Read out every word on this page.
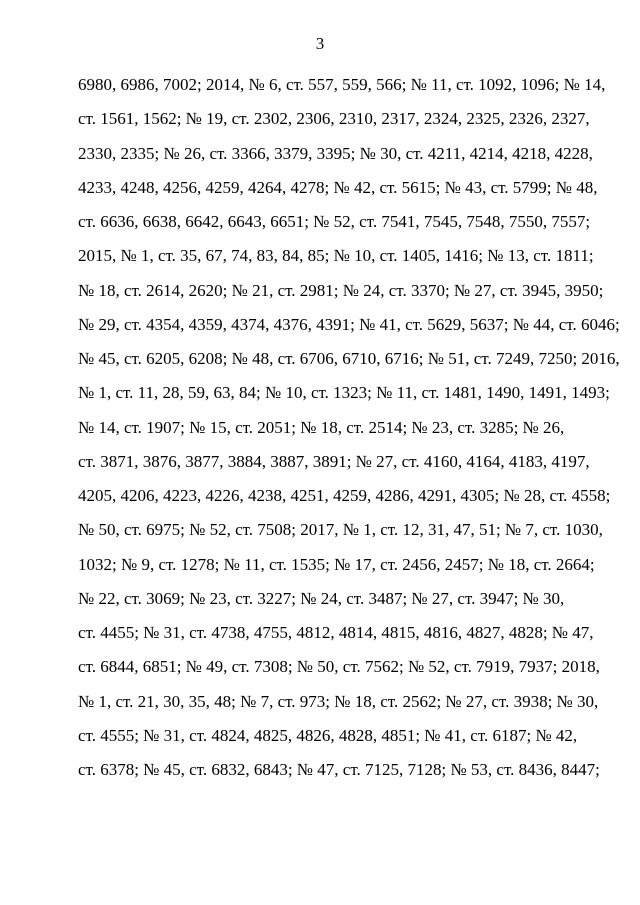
3
6980, 6986, 7002; 2014, № 6, ст. 557, 559, 566; № 11, ст. 1092, 1096; № 14,
ст. 1561, 1562; № 19, ст. 2302, 2306, 2310, 2317, 2324, 2325, 2326, 2327,
2330, 2335; № 26, ст. 3366, 3379, 3395; № 30, ст. 4211, 4214, 4218, 4228,
4233, 4248, 4256, 4259, 4264, 4278; № 42, ст. 5615; № 43, ст. 5799; № 48,
ст. 6636, 6638, 6642, 6643, 6651; № 52, ст. 7541, 7545, 7548, 7550, 7557;
2015, № 1, ст. 35, 67, 74, 83, 84, 85; № 10, ст. 1405, 1416; № 13, ст. 1811;
№ 18, ст. 2614, 2620; № 21, ст. 2981; № 24, ст. 3370; № 27, ст. 3945, 3950;
№ 29, ст. 4354, 4359, 4374, 4376, 4391; № 41, ст. 5629, 5637; № 44, ст. 6046;
№ 45, ст. 6205, 6208; № 48, ст. 6706, 6710, 6716; № 51, ст. 7249, 7250; 2016,
№ 1, ст. 11, 28, 59, 63, 84; № 10, ст. 1323; № 11, ст. 1481, 1490, 1491, 1493;
№ 14, ст. 1907; № 15, ст. 2051; № 18, ст. 2514; № 23, ст. 3285; № 26,
ст. 3871, 3876, 3877, 3884, 3887, 3891; № 27, ст. 4160, 4164, 4183, 4197,
4205, 4206, 4223, 4226, 4238, 4251, 4259, 4286, 4291, 4305; № 28, ст. 4558;
№ 50, ст. 6975; № 52, ст. 7508; 2017, № 1, ст. 12, 31, 47, 51; № 7, ст. 1030,
1032; № 9, ст. 1278; № 11, ст. 1535; № 17, ст. 2456, 2457; № 18, ст. 2664;
№ 22, ст. 3069; № 23, ст. 3227; № 24, ст. 3487; № 27, ст. 3947; № 30,
ст. 4455; № 31, ст. 4738, 4755, 4812, 4814, 4815, 4816, 4827, 4828; № 47,
ст. 6844, 6851; № 49, ст. 7308; № 50, ст. 7562; № 52, ст. 7919, 7937; 2018,
№ 1, ст. 21, 30, 35, 48; № 7, ст. 973; № 18, ст. 2562; № 27, ст. 3938; № 30,
ст. 4555; № 31, ст. 4824, 4825, 4826, 4828, 4851; № 41, ст. 6187; № 42,
ст. 6378; № 45, ст. 6832, 6843; № 47, ст. 7125, 7128; № 53, ст. 8436, 8447;
